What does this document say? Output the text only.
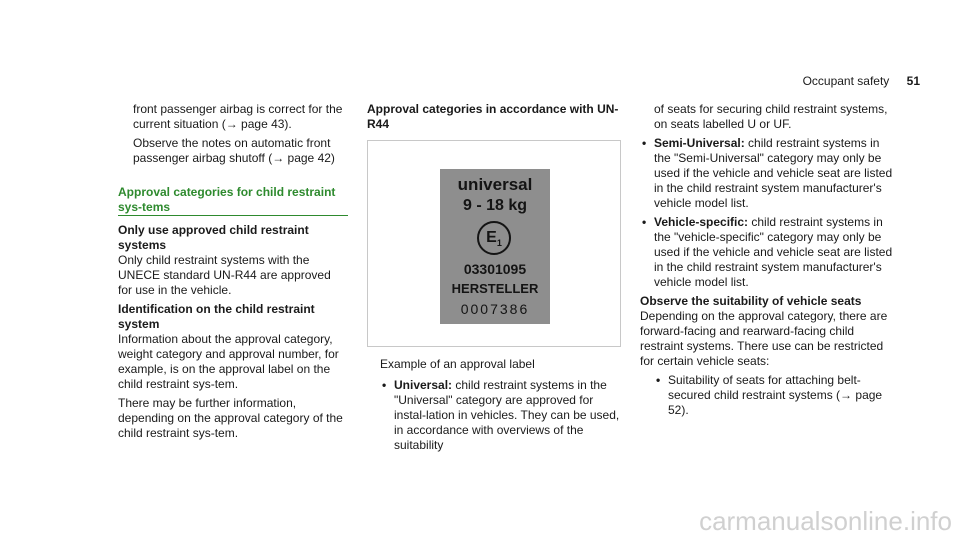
Occupant safety 51

front passenger airbag is correct for the current situation (→ page 43).

Observe the notes on automatic front passenger airbag shutoff (→ page 42)

Approval categories for child restraint sys-tems

Only use approved child restraint systems

Only child restraint systems with the UNECE standard UN-R44 are approved for use in the vehicle.

Identification on the child restraint system

Information about the approval category, weight category and approval number, for example, is on the approval label on the child restraint sys-tem.

There may be further information, depending on the approval category of the child restraint sys-tem.

Approval categories in accordance with UN-R44
universal
9 - 18 kg
$E_1$
03301095
HERSTELLER
0007386

Example of an approval label

• Universal: child restraint systems in the "Universal" category are approved for instal-lation in vehicles. They can be used, in accordance with overviews of the suitability

of seats for securing child restraint systems, on seats labelled U or UF.

• Semi-Universal: child restraint systems in the "Semi-Universal" category may only be used if the vehicle and vehicle seat are listed in the child restraint system manufacturer's vehicle model list.
• Vehicle-specific: child restraint systems in the "vehicle-specific" category may only be used if the vehicle and vehicle seat are listed in the child restraint system manufacturer's vehicle model list.

Observe the suitability of vehicle seats

Depending on the approval category, there are forward-facing and rearward-facing child restraint systems. There use can be restricted for certain vehicle seats:

• Suitability of seats for attaching belt-secured child restraint systems (→ page 52).
carmanualsonline.info
